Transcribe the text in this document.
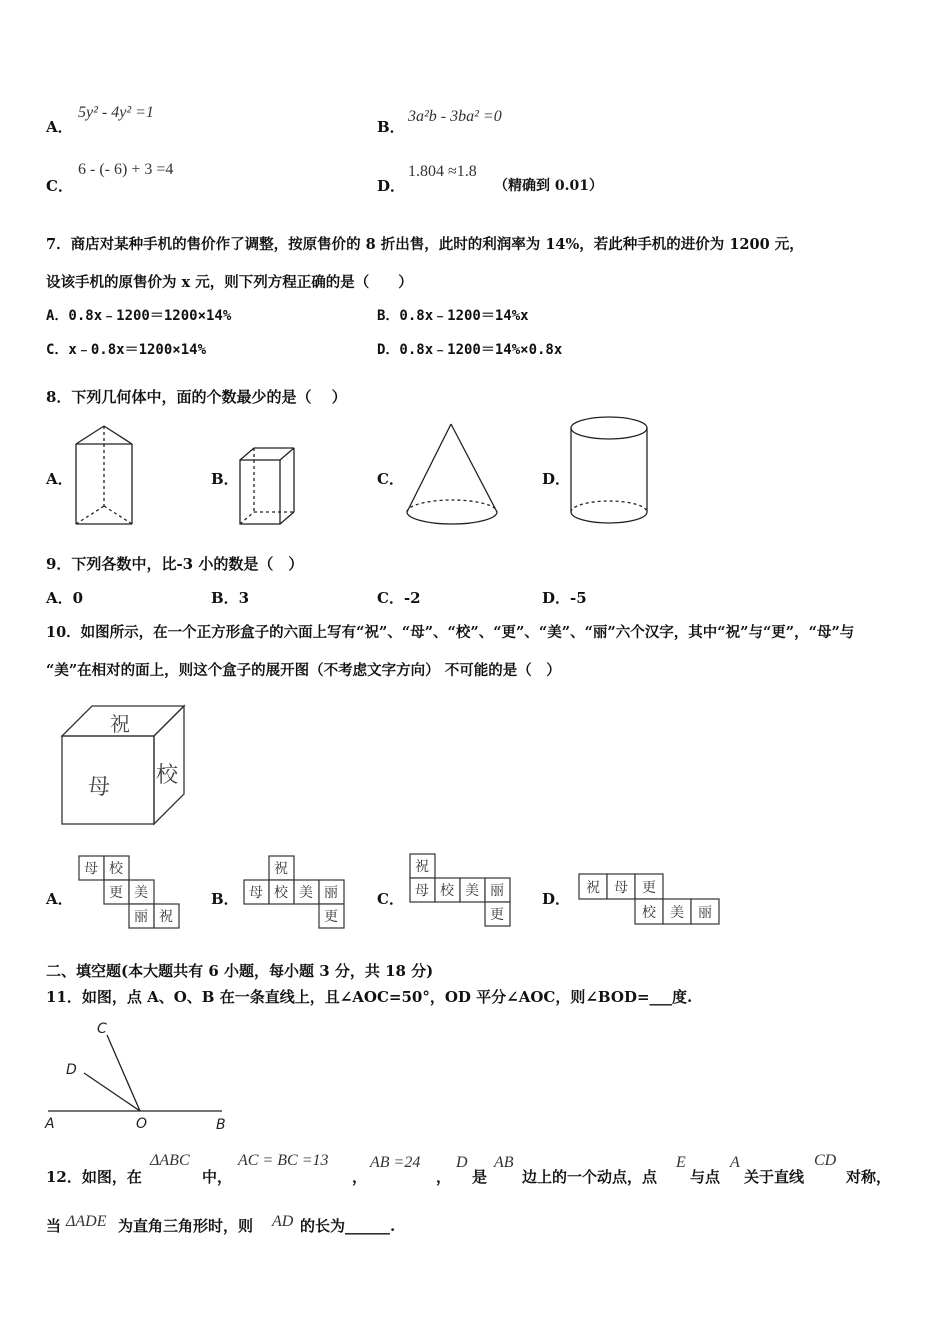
A．
5y² - 4y² =1
B．
3a²b - 3ba² =0
C．
6 - (- 6) + 3 =4
D．
1.804 ≈1.8
（精确到 0.01）
7．商店对某种手机的售价作了调整，按原售价的 8 折出售，此时的利润率为 14%，若此种手机的进价为 1200 元，
设该手机的原售价为 x 元，则下列方程正确的是（　　）
A．0.8x﹣1200＝1200×14%	B．0.8x﹣1200＝14%x
C．x﹣0.8x＝1200×14%	D．0.8x﹣1200＝14%×0.8x
8．下列几何体中，面的个数最少的是（　 ）
A．	B．	C．	D．
9．下列各数中，比-3 小的数是（　）
A．0	B．3	C．-2	D．-5
10．如图所示，在一个正方形盒子的六面上写有“祝”、“母”、“校”、“更”、“美”、“丽”六个汉字，其中“祝”与“更”，“母”与
“美”在相对的面上，则这个盒子的展开图（不考虑文字方向） 不可能的是（　）
祝
母 校
A．	B．	C．	D．
母 校
更 美
丽 祝
祝
母 校 美 丽
更
祝
母 校 美 丽
更
祝 母 更
校 美 丽
二、填空题(本大题共有 6 小题，每小题 3 分，共 18 分)
11．如图，点 A、O、B 在一条直线上，且∠AOC=50°，OD 平分∠AOC，则∠BOD=___度.
A	O	B
C
D
12．如图，在
ΔABC
中，
AC = BC =13
，
AB =24
，
D
是
AB
边上的一个动点，点
E
与点
A
关于直线
CD
对称，
当 ΔADE 为直角三角形时，则 AD 的长为______.
